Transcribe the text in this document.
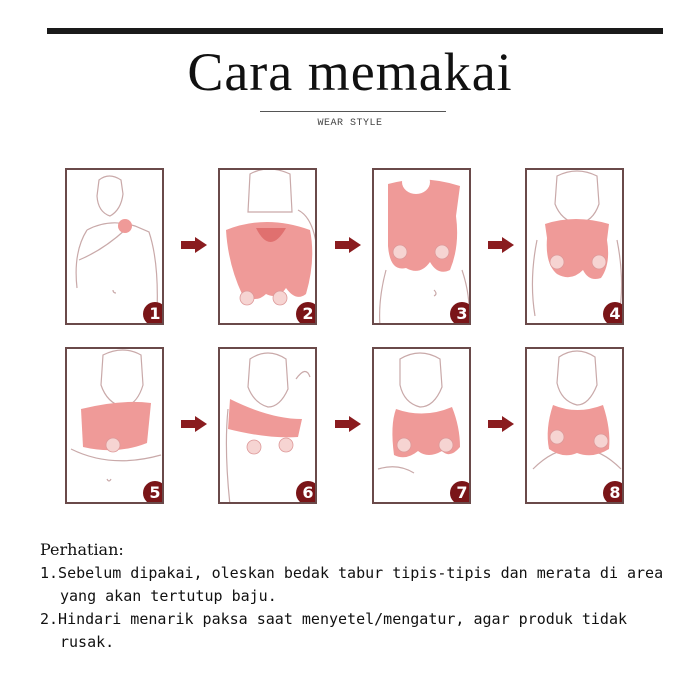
Cara memakai
WEAR STYLE
1	2	3	4
5	6	7	8
Perhatian:
1.Sebelum dipakai, oleskan bedak tabur tipis-tipis dan merata di area yang akan tertutup baju.
2.Hindari menarik paksa saat menyetel/mengatur, agar produk tidak rusak.
